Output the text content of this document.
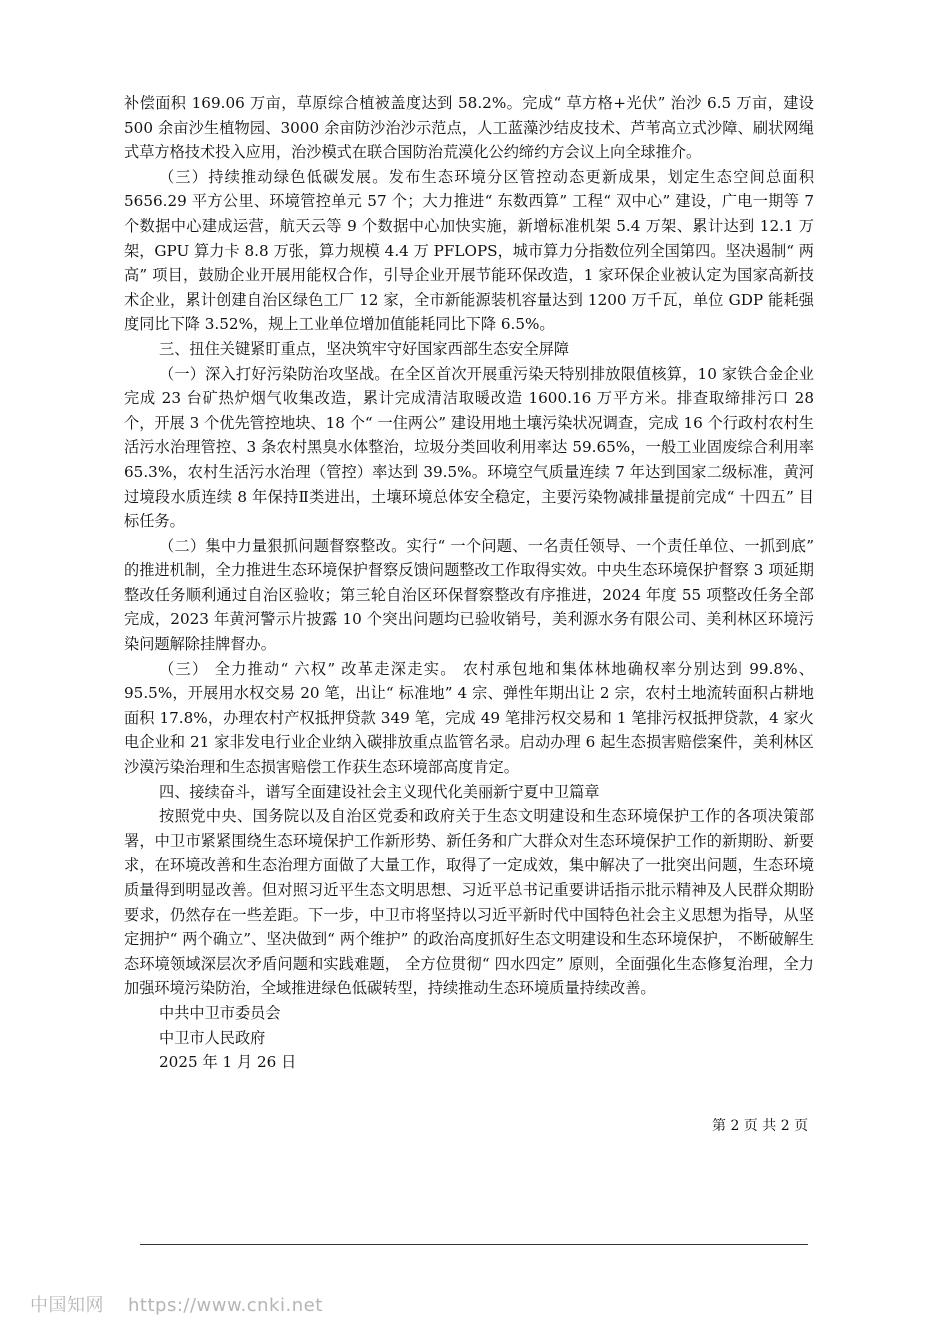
补偿面积 169.06 万亩，草原综合植被盖度达到 58.2%。完成“ 草方格+光伏” 治沙 6.5 万亩，建设 500 余亩沙生植物园、3000 余亩防沙治沙示范点，人工蓝藻沙结皮技术、芦苇高立式沙障、刷状网绳式草方格技术投入应用，治沙模式在联合国防治荒漠化公约缔约方会议上向全球推介。

（三）持续推动绿色低碳发展。发布生态环境分区管控动态更新成果，划定生态空间总面积 5656.29 平方公里、环境管控单元 57 个；大力推进“ 东数西算” 工程“ 双中心” 建设，广电一期等 7 个数据中心建成运营，航天云等 9 个数据中心加快实施，新增标准机架 5.4 万架、累计达到 12.1 万架，GPU 算力卡 8.8 万张，算力规模 4.4 万 PFLOPS，城市算力分指数位列全国第四。坚决遏制“ 两高” 项目，鼓励企业开展用能权合作，引导企业开展节能环保改造，1 家环保企业被认定为国家高新技术企业，累计创建自治区绿色工厂 12 家，全市新能源装机容量达到 1200 万千瓦，单位 GDP 能耗强度同比下降 3.52%，规上工业单位增加值能耗同比下降 6.5%。

三、扭住关键紧盯重点，坚决筑牢守好国家西部生态安全屏障

（一）深入打好污染防治攻坚战。在全区首次开展重污染天特别排放限值核算，10 家铁合金企业完成 23 台矿热炉烟气收集改造，累计完成清洁取暖改造 1600.16 万平方米。排查取缔排污口 28 个，开展 3 个优先管控地块、18 个“ 一住两公” 建设用地土壤污染状况调查，完成 16 个行政村农村生活污水治理管控、3 条农村黑臭水体整治，垃圾分类回收利用率达 59.65%，一般工业固废综合利用率 65.3%，农村生活污水治理（管控）率达到 39.5%。环境空气质量连续 7 年达到国家二级标准，黄河过境段水质连续 8 年保持Ⅱ类进出，土壤环境总体安全稳定，主要污染物减排量提前完成“ 十四五” 目标任务。

（二）集中力量狠抓问题督察整改。实行“ 一个问题、一名责任领导、一个责任单位、一抓到底” 的推进机制，全力推进生态环境保护督察反馈问题整改工作取得实效。中央生态环境保护督察 3 项延期整改任务顺利通过自治区验收；第三轮自治区环保督察整改有序推进，2024 年度 55 项整改任务全部完成，2023 年黄河警示片披露 10 个突出问题均已验收销号，美利源水务有限公司、美利林区环境污染问题解除挂牌督办。

（三） 全力推动“ 六权” 改革走深走实。 农村承包地和集体林地确权率分别达到 99.8%、 95.5%，开展用水权交易 20 笔，出让“ 标准地” 4 宗、弹性年期出让 2 宗，农村土地流转面积占耕地面积 17.8%，办理农村产权抵押贷款 349 笔，完成 49 笔排污权交易和 1 笔排污权抵押贷款，4 家火电企业和 21 家非发电行业企业纳入碳排放重点监管名录。启动办理 6 起生态损害赔偿案件，美利林区沙漠污染治理和生态损害赔偿工作获生态环境部高度肯定。

四、接续奋斗，谱写全面建设社会主义现代化美丽新宁夏中卫篇章

按照党中央、国务院以及自治区党委和政府关于生态文明建设和生态环境保护工作的各项决策部署，中卫市紧紧围绕生态环境保护工作新形势、新任务和广大群众对生态环境保护工作的新期盼、新要求，在环境改善和生态治理方面做了大量工作，取得了一定成效，集中解决了一批突出问题，生态环境质量得到明显改善。但对照习近平生态文明思想、习近平总书记重要讲话指示批示精神及人民群众期盼要求，仍然存在一些差距。下一步，中卫市将坚持以习近平新时代中国特色社会主义思想为指导，从坚定拥护“ 两个确立”、坚决做到“ 两个维护” 的政治高度抓好生态文明建设和生态环境保护， 不断破解生态环境领域深层次矛盾问题和实践难题， 全方位贯彻“ 四水四定” 原则，全面强化生态修复治理，全力加强环境污染防治，全域推进绿色低碳转型，持续推动生态环境质量持续改善。

中共中卫市委员会

中卫市人民政府

2025 年 1 月 26 日

第 2 页 共 2 页
中国知网 https://www.cnki.net
